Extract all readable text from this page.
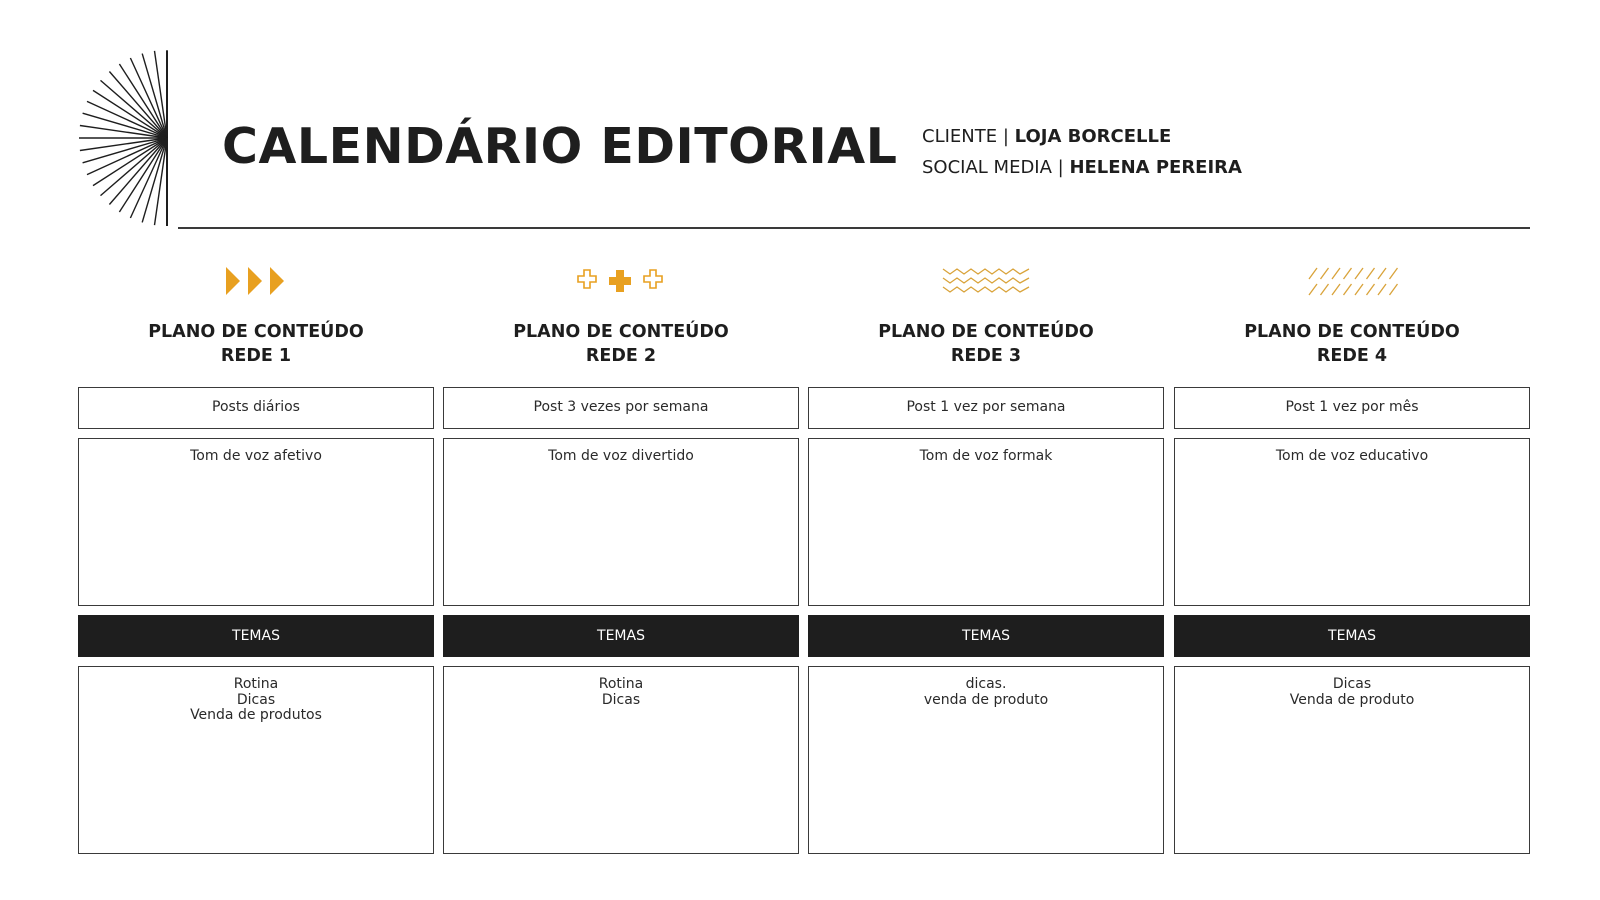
CALENDÁRIO EDITORIAL CLIENTE | LOJA BORCELLE
SOCIAL MEDIA | HELENA PEREIRA
PLANO DE CONTEÚDO
REDE 1
Posts diários
Tom de voz afetivo
TEMAS
Rotina
Dicas
Venda de produtos
PLANO DE CONTEÚDO
REDE 2
Post 3 vezes por semana
Tom de voz divertido
TEMAS
Rotina
Dicas
PLANO DE CONTEÚDO
REDE 3
Post 1 vez por semana
Tom de voz formak
TEMAS
dicas.
venda de produto
PLANO DE CONTEÚDO
REDE 4
Post 1 vez por mês
Tom de voz educativo
TEMAS
Dicas
Venda de produto
